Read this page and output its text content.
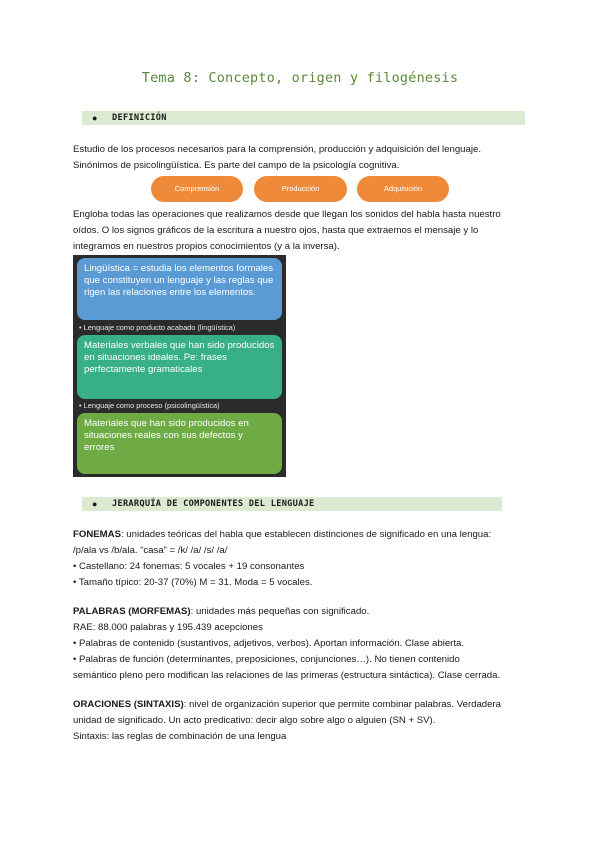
Tema 8: Concepto, origen y filogénesis
● DEFINICIÓN
Estudio de los procesos necesarios para la comprensión, producción y adquisición del lenguaje.
Sinónimos de psicolingüística. Es parte del campo de la psicología cognitiva.
Comprensión	Producción	Adquisición
Engloba todas las operaciones que realizamos desde que llegan los sonidos del habla hasta nuestro
oídos. O los signos gráficos de la escritura a nuestro ojos, hasta que extraemos el mensaje y lo
integramos en nuestros propios conocimientos (y a la inversa).
Lingüística = estudia los elementos formales que constituyen un lenguaje y las reglas que rigen las relaciones entre los elementos.
• Lenguaje como producto acabado (lingüística)
Materiales verbales que han sido producidos en situaciones ideales. Pe: frases perfectamente gramaticales
• Lenguaje como proceso (psicolingüística)
Materiales que han sido producidos en situaciones reales con sus defectos y errores
● JERARQUÍA DE COMPONENTES DEL LENGUAJE
FONEMAS: unidades teóricas del habla que establecen distinciones de significado en una lengua:
/p/ala vs /b/ala. “casa” = /k/ /a/ /s/ /a/
• Castellano: 24 fonemas: 5 vocales + 19 consonantes
• Tamaño típico: 20-37 (70%) M = 31. Moda = 5 vocales.
PALABRAS (MORFEMAS): unidades más pequeñas con significado.
RAE: 88.000 palabras y 195.439 acepciones
• Palabras de contenido (sustantivos, adjetivos, verbos). Aportan información. Clase abierta.
• Palabras de función (determinantes, preposiciones, conjunciones…). No tienen contenido
semántico pleno pero modifican las relaciones de las primeras (estructura sintáctica). Clase cerrada.
ORACIONES (SINTAXIS): nivel de organización superior que permite combinar palabras. Verdadera
unidad de significado. Un acto predicativo: decir algo sobre algo o alguien (SN + SV).
Sintaxis: las reglas de combinación de una lengua
